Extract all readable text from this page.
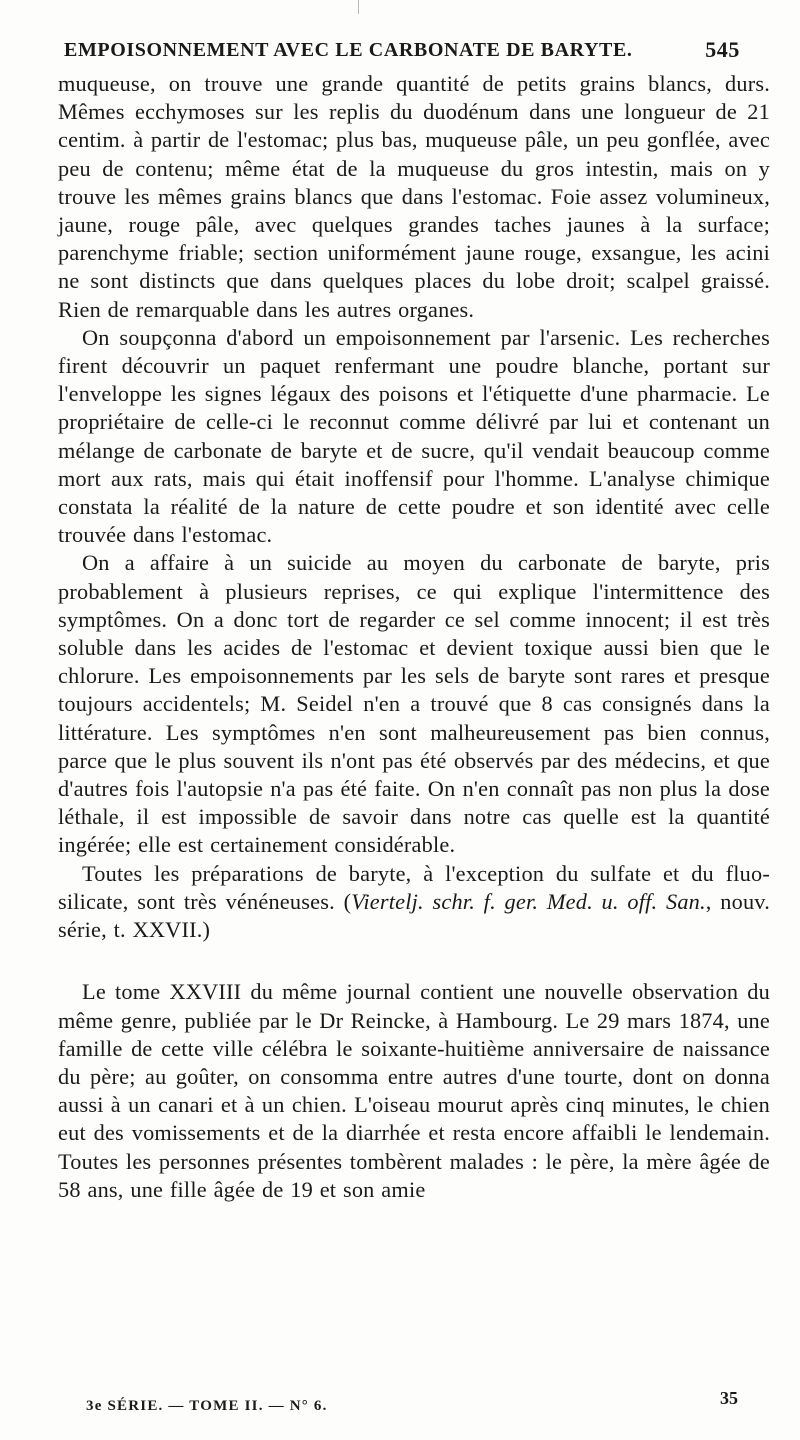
EMPOISONNEMENT AVEC LE CARBONATE DE BARYTE.	545

muqueuse, on trouve une grande quantité de petits grains blancs, durs. Mêmes ecchymoses sur les replis du duodénum dans une longueur de 21 centim. à partir de l'estomac; plus bas, muqueuse pâle, un peu gonflée, avec peu de contenu; même état de la muqueuse du gros intestin, mais on y trouve les mêmes grains blancs que dans l'estomac. Foie assez volumineux, jaune, rouge pâle, avec quelques grandes taches jaunes à la surface; parenchyme friable; section uniformément jaune rouge, exsangue, les acini ne sont distincts que dans quelques places du lobe droit; scalpel graissé. Rien de remarquable dans les autres organes.

On soupçonna d'abord un empoisonnement par l'arsenic. Les recherches firent découvrir un paquet renfermant une poudre blanche, portant sur l'enveloppe les signes légaux des poisons et l'étiquette d'une pharmacie. Le propriétaire de celle-ci le reconnut comme délivré par lui et contenant un mélange de carbonate de baryte et de sucre, qu'il vendait beaucoup comme mort aux rats, mais qui était inoffensif pour l'homme. L'analyse chimique constata la réalité de la nature de cette poudre et son identité avec celle trouvée dans l'estomac.

On a affaire à un suicide au moyen du carbonate de baryte, pris probablement à plusieurs reprises, ce qui explique l'intermittence des symptômes. On a donc tort de regarder ce sel comme innocent; il est très soluble dans les acides de l'estomac et devient toxique aussi bien que le chlorure. Les empoisonnements par les sels de baryte sont rares et presque toujours accidentels; M. Seidel n'en a trouvé que 8 cas consignés dans la littérature. Les symptômes n'en sont malheureusement pas bien connus, parce que le plus souvent ils n'ont pas été observés par des médecins, et que d'autres fois l'autopsie n'a pas été faite. On n'en connaît pas non plus la dose léthale, il est impossible de savoir dans notre cas quelle est la quantité ingérée; elle est certainement considérable.

Toutes les préparations de baryte, à l'exception du sulfate et du fluo-silicate, sont très vénéneuses. (Viertelj. schr. f. ger. Med. u. off. San., nouv. série, t. XXVII.)

Le tome XXVIII du même journal contient une nouvelle observation du même genre, publiée par le Dr Reincke, à Hambourg. Le 29 mars 1874, une famille de cette ville célébra le soixante-huitième anniversaire de naissance du père; au goûter, on consomma entre autres d'une tourte, dont on donna aussi à un canari et à un chien. L'oiseau mourut après cinq minutes, le chien eut des vomissements et de la diarrhée et resta encore affaibli le lendemain. Toutes les personnes présentes tombèrent malades : le père, la mère âgée de 58 ans, une fille âgée de 19 et son amie

3e SÉRIE. — TOME II. — N° 6.	35
